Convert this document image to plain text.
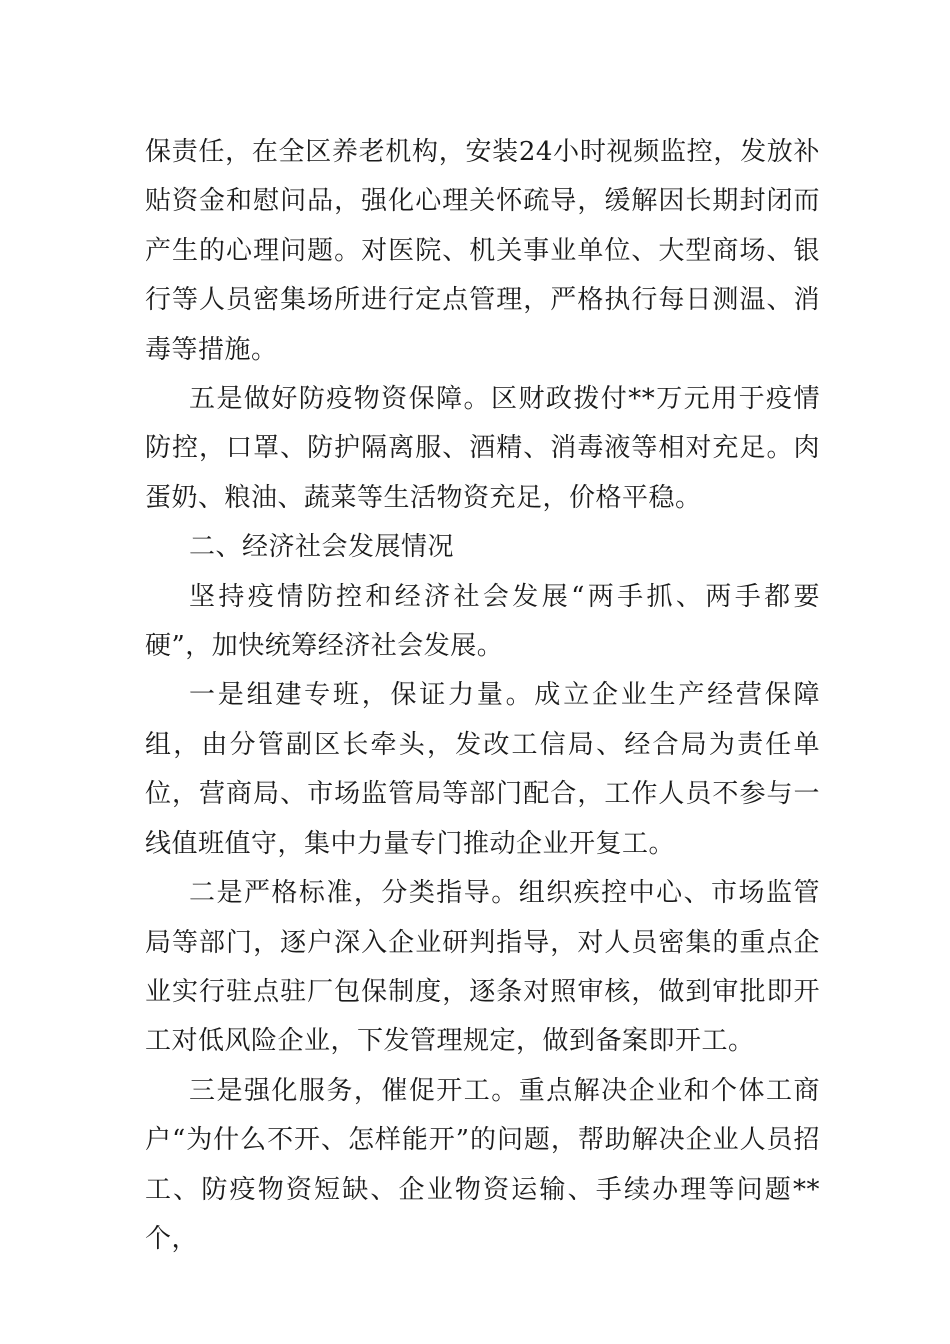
保责任，在全区养老机构，安装24小时视频监控，发放补贴资金和慰问品，强化心理关怀疏导，缓解因长期封闭而产生的心理问题。对医院、机关事业单位、大型商场、银行等人员密集场所进行定点管理，严格执行每日测温、消毒等措施。

五是做好防疫物资保障。区财政拨付**万元用于疫情防控，口罩、防护隔离服、酒精、消毒液等相对充足。肉蛋奶、粮油、蔬菜等生活物资充足，价格平稳。

二、经济社会发展情况

坚持疫情防控和经济社会发展“两手抓、两手都要硬”，加快统筹经济社会发展。

一是组建专班，保证力量。成立企业生产经营保障组，由分管副区长牵头，发改工信局、经合局为责任单位，营商局、市场监管局等部门配合，工作人员不参与一线值班值守，集中力量专门推动企业开复工。

二是严格标准，分类指导。组织疾控中心、市场监管局等部门，逐户深入企业研判指导，对人员密集的重点企业实行驻点驻厂包保制度，逐条对照审核，做到审批即开工对低风险企业，下发管理规定，做到备案即开工。

三是强化服务，催促开工。重点解决企业和个体工商户“为什么不开、怎样能开”的问题，帮助解决企业人员招工、防疫物资短缺、企业物资运输、手续办理等问题**个，
